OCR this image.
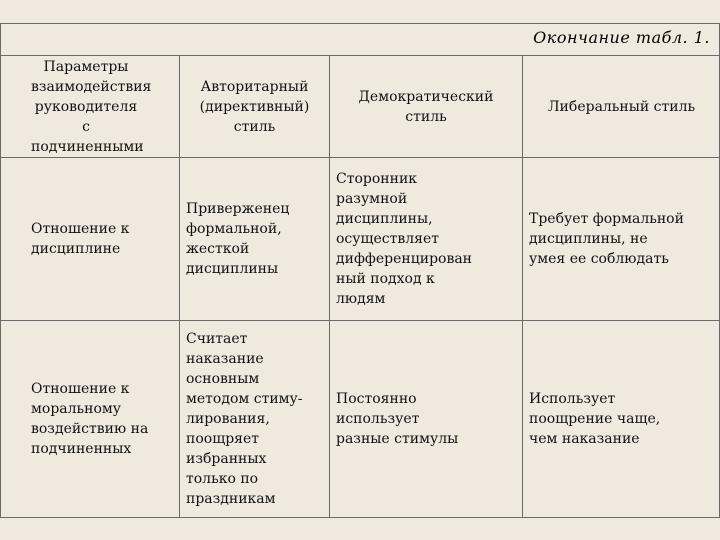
Окончание табл. 1.
Параметры взаимодействия руководителя с подчиненными	Авторитарный (директивный) стиль	Демократический стиль	Либеральный стиль

Отношение к дисциплине	Приверженец формальной, жесткой дисциплины	Сторонник разумной дисциплины, осуществляет дифференцирован ный подход к людям	Требует формальной дисциплины, не умея ее соблюдать

Отношение к моральному воздействию на подчиненных	Считает наказание основным методом стиму-лирования, поощряет избранных только по праздникам	Постоянно использует разные стимулы	Использует поощрение чаще, чем наказание
